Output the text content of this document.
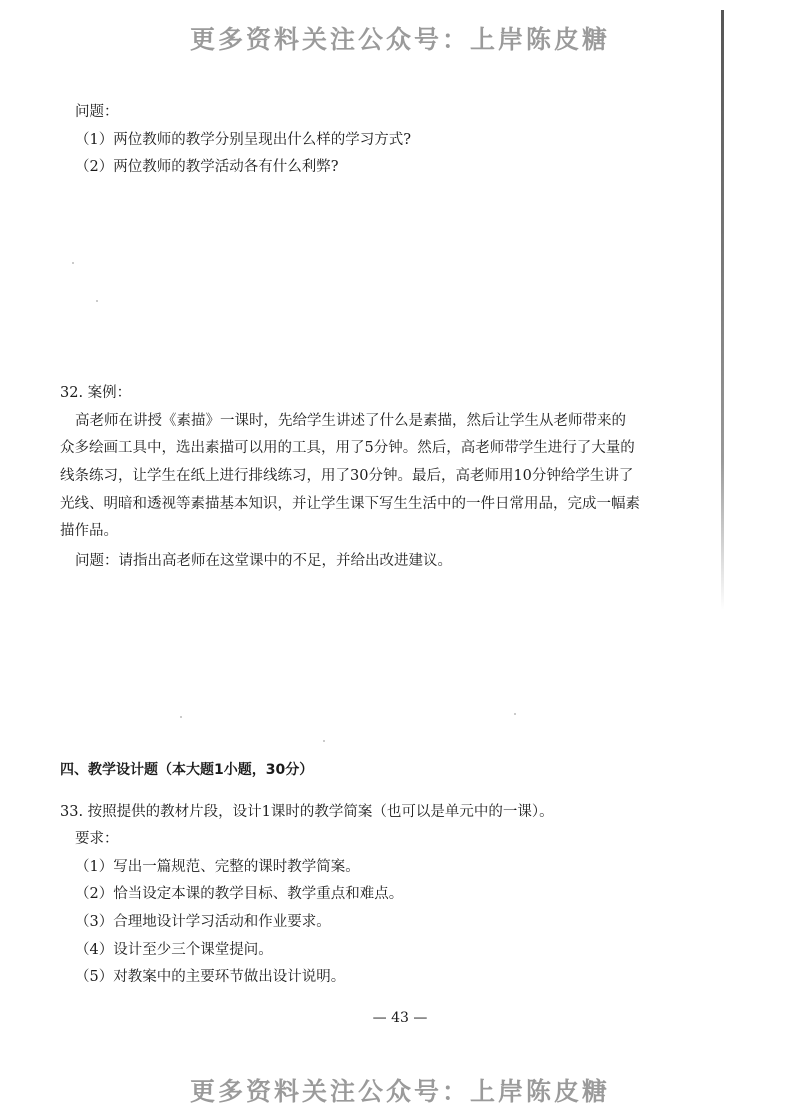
更多资料关注公众号：上岸陈皮糖
问题：
（1）两位教师的教学分别呈现出什么样的学习方式?
（2）两位教师的教学活动各有什么利弊?
32. 案例：
高老师在讲授《素描》一课时，先给学生讲述了什么是素描，然后让学生从老师带来的
众多绘画工具中，选出素描可以用的工具，用了5分钟。然后，高老师带学生进行了大量的
线条练习，让学生在纸上进行排线练习，用了30分钟。最后，高老师用10分钟给学生讲了
光线、明暗和透视等素描基本知识，并让学生课下写生生活中的一件日常用品，完成一幅素
描作品。
问题：请指出高老师在这堂课中的不足，并给出改进建议。
四、教学设计题（本大题1小题，30分）
33. 按照提供的教材片段，设计1课时的教学简案（也可以是单元中的一课）。
要求：
（1）写出一篇规范、完整的课时教学简案。
（2）恰当设定本课的教学目标、教学重点和难点。
（3）合理地设计学习活动和作业要求。
（4）设计至少三个课堂提问。
（5）对教案中的主要环节做出设计说明。
— 43 —
更多资料关注公众号：上岸陈皮糖
